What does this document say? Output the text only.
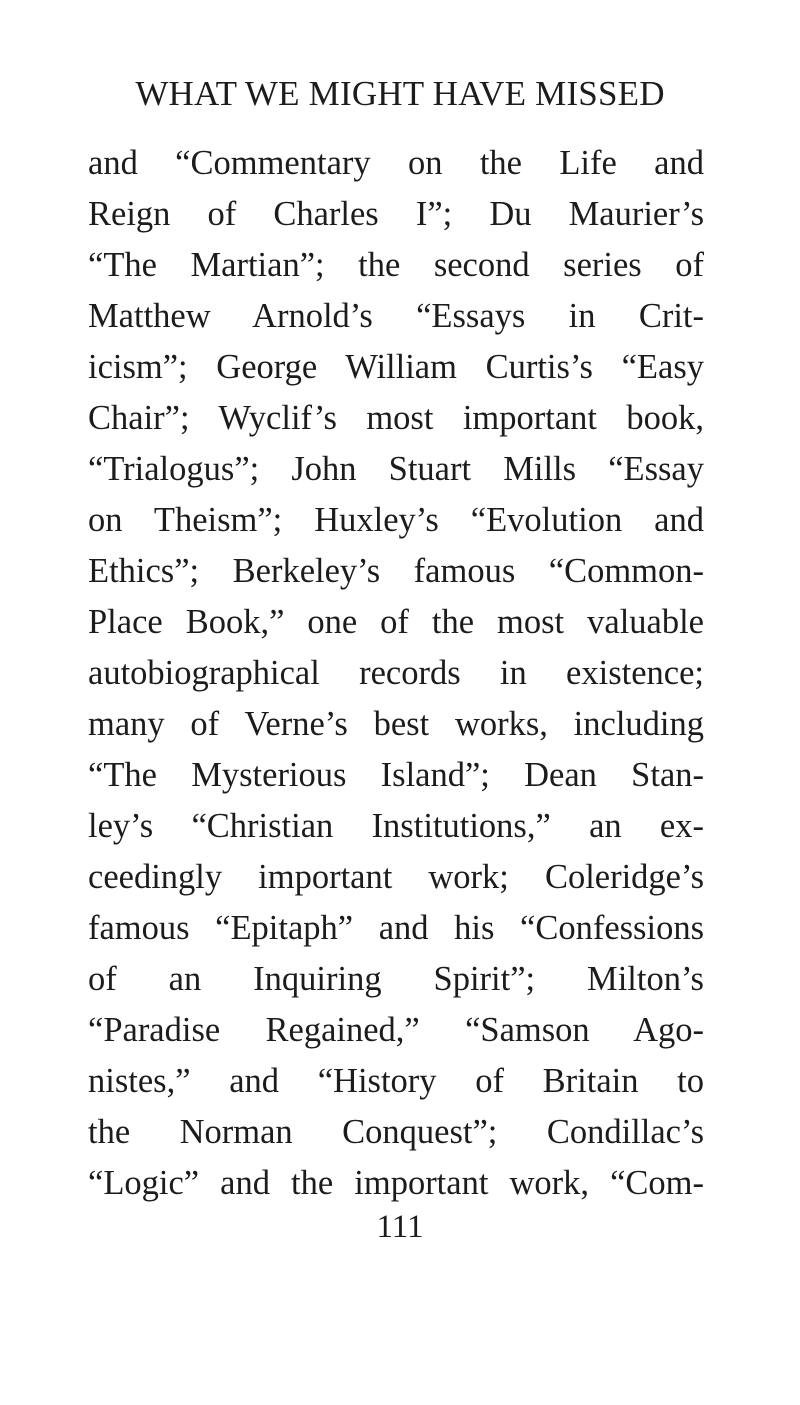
WHAT WE MIGHT HAVE MISSED
and “Commentary on the Life and
Reign of Charles I”; Du Maurier’s
“The Martian”; the second series of
Matthew Arnold’s “Essays in Crit-
icism”; George William Curtis’s “Easy
Chair”; Wyclif’s most important book,
“Trialogus”; John Stuart Mills “Essay
on Theism”; Huxley’s “Evolution and
Ethics”; Berkeley’s famous “Common-
Place Book,” one of the most valuable
autobiographical records in existence;
many of Verne’s best works, including
“The Mysterious Island”; Dean Stan-
ley’s “Christian Institutions,” an ex-
ceedingly important work; Coleridge’s
famous “Epitaph” and his “Confessions
of an Inquiring Spirit”; Milton’s
“Paradise Regained,” “Samson Ago-
nistes,” and “History of Britain to
the Norman Conquest”; Condillac’s
“Logic” and the important work, “Com-
111
